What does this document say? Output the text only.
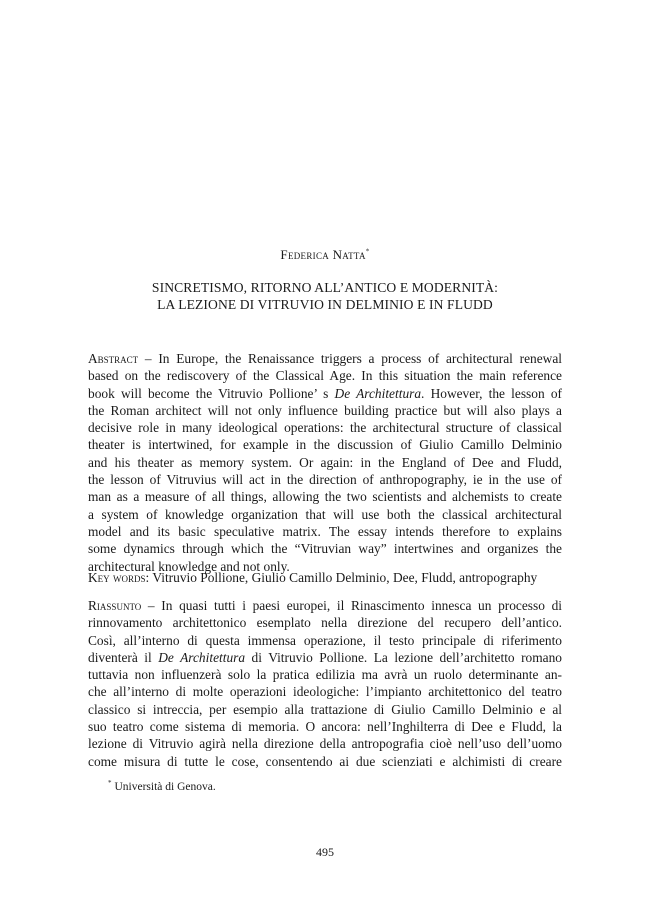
Federica Natta*
SINCRETISMO, RITORNO ALL’ANTICO E MODERNITÀ:
LA LEZIONE DI VITRUVIO IN DELMINIO E IN FLUDD
Abstract – In Europe, the Renaissance triggers a process of architectural renewal
based on the rediscovery of the Classical Age. In this situation the main reference
book will become the Vitruvio Pollione’ s De Architettura. However, the lesson of
the Roman architect will not only influence building practice but will also plays a
decisive role in many ideological operations: the architectural structure of classical
theater is intertwined, for example in the discussion of Giulio Camillo Delminio
and his theater as memory system. Or again: in the England of Dee and Fludd,
the lesson of Vitruvius will act in the direction of anthropography, ie in the use of
man as a measure of all things, allowing the two scientists and alchemists to create
a system of knowledge organization that will use both the classical architectural
model and its basic speculative matrix. The essay intends therefore to explains
some dynamics through which the “Vitruvian way” intertwines and organizes the
architectural knowledge and not only.
Key words: Vitruvio Pollione, Giulio Camillo Delminio, Dee, Fludd, antropography
Riassunto – In quasi tutti i paesi europei, il Rinascimento innesca un processo di
rinnovamento architettonico esemplato nella direzione del recupero dell’antico.
Così, all’interno di questa immensa operazione, il testo principale di riferimento
diventerà il De Architettura di Vitruvio Pollione. La lezione dell’architetto romano
tuttavia non influenzerà solo la pratica edilizia ma avrà un ruolo determinante an-
che all’interno di molte operazioni ideologiche: l’impianto architettonico del teatro
classico si intreccia, per esempio alla trattazione di Giulio Camillo Delminio e al
suo teatro come sistema di memoria. O ancora: nell’Inghilterra di Dee e Fludd, la
lezione di Vitruvio agirà nella direzione della antropografia cioè nell’uso dell’uomo
come misura di tutte le cose, consentendo ai due scienziati e alchimisti di creare
* Università di Genova.
495
